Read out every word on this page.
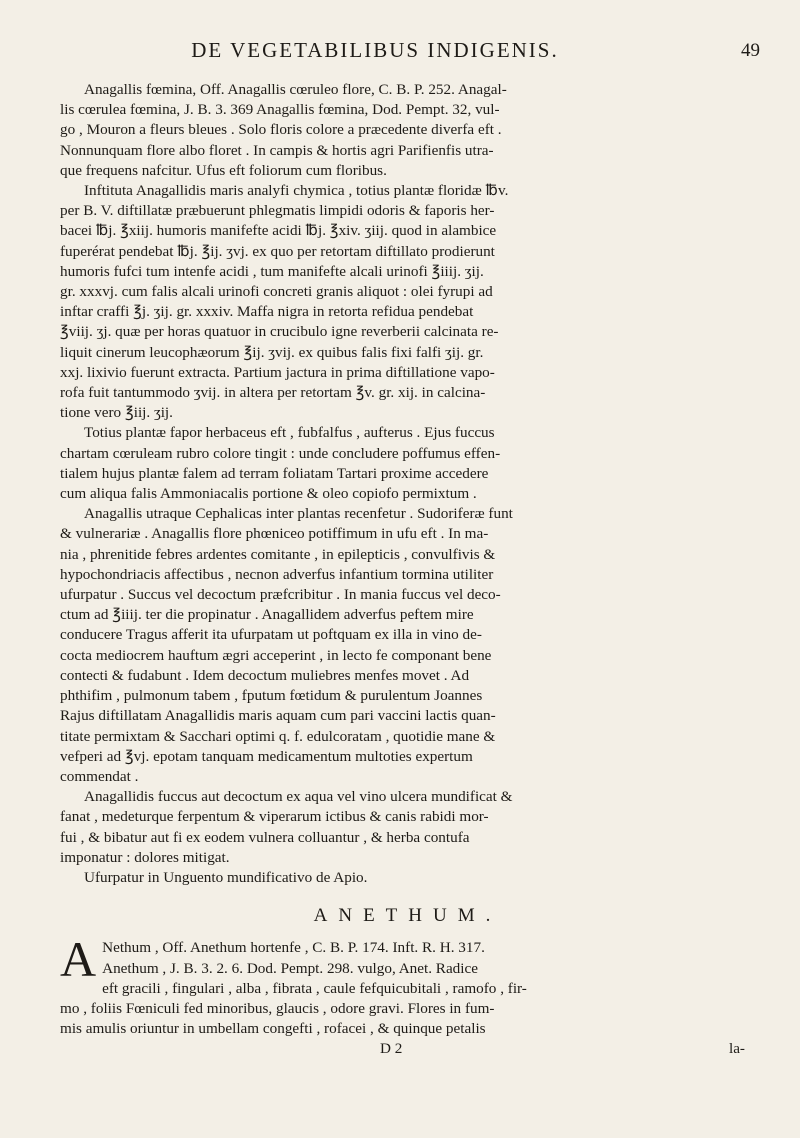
DE VEGETABILIBUS INDIGENIS.	49
Anagallis fœmina, Off. Anagallis cœruleo flore, C. B. P. 252. Anagal-
lis cœrulea fœmina, J. B. 3. 369 Anagallis fœmina, Dod. Pempt. 32, vul-
go , Mouron a fleurs bleues . Solo floris colore a præcedente diverfa eft .
Nonnunquam flore albo floret . In campis & hortis agri Parifienfis utra-
que frequens nafcitur. Ufus eft foliorum cum floribus.
Inftituta Anagallidis maris analyfi chymica , totius plantæ floridæ ℔v.
per B. V. diftillatæ præbuerunt phlegmatis limpidi odoris & faporis her-
bacei ℔j. ℥xiij. humoris manifefte acidi ℔j. ℥xiv. ʒiij. quod in alambice
fuperérat pendebat ℔j. ℥ij. ʒvj. ex quo per retortam diftillato prodierunt
humoris fufci tum intenfe acidi , tum manifefte alcali urinofi ℥iiij. ʒij.
gr. xxxvj. cum falis alcali urinofi concreti granis aliquot : olei fyrupi ad
inftar craffi ℥j. ʒij. gr. xxxiv. Maffa nigra in retorta refidua pendebat
℥viij. ʒj. quæ per horas quatuor in crucibulo igne reverberii calcinata re-
liquit cinerum leucophæorum ℥ij. ʒvij. ex quibus falis fixi falfi ʒij. gr.
xxj. lixivio fuerunt extracta. Partium jactura in prima diftillatione vapo-
rofa fuit tantummodo ʒvij. in altera per retortam ℥v. gr. xij. in calcina-
tione vero ℥iij. ʒij.
Totius plantæ fapor herbaceus eft , fubfalfus , aufterus . Ejus fuccus
chartam cœruleam rubro colore tingit : unde concludere poffumus effen-
tialem hujus plantæ falem ad terram foliatam Tartari proxime accedere
cum aliqua falis Ammoniacalis portione & oleo copiofo permixtum .
Anagallis utraque Cephalicas inter plantas recenfetur . Sudoriferæ funt
& vulnerariæ . Anagallis flore phœniceo potiffimum in ufu eft . In ma-
nia , phrenitide febres ardentes comitante , in epilepticis , convulfivis &
hypochondriacis affectibus , necnon adverfus infantium tormina utiliter
ufurpatur . Succus vel decoctum præfcribitur . In mania fuccus vel deco-
ctum ad ℥iiij. ter die propinatur . Anagallidem adverfus peftem mire
conducere Tragus afferit ita ufurpatam ut poftquam ex illa in vino de-
cocta mediocrem hauftum ægri acceperint , in lecto fe componant bene
contecti & fudabunt . Idem decoctum muliebres menfes movet . Ad
phthifim , pulmonum tabem , fputum fœtidum & purulentum Joannes
Rajus diftillatam Anagallidis maris aquam cum pari vaccini lactis quan-
titate permixtam & Sacchari optimi q. f. edulcoratam , quotidie mane &
vefperi ad ℥vj. epotam tanquam medicamentum multoties expertum
commendat .
Anagallidis fuccus aut decoctum ex aqua vel vino ulcera mundificat &
fanat , medeturque ferpentum & viperarum ictibus & canis rabidi mor-
fui , & bibatur aut fi ex eodem vulnera colluantur , & herba contufa
imponatur : dolores mitigat.
Ufurpatur in Unguento mundificativo de Apio.
ANETHUM.
A Nethum , Off. Anethum hortenfe , C. B. P. 174. Inft. R. H. 317.
Anethum , J. B. 3. 2. 6. Dod. Pempt. 298. vulgo, Anet. Radice
eft gracili , fingulari , alba , fibrata , caule fefquicubitali , ramofo , fir-
mo , foliis Fœniculi fed minoribus, glaucis , odore gravi. Flores in fum-
mis amulis oriuntur in umbellam congefti , rofacei , & quinque petalis
D 2	la-
